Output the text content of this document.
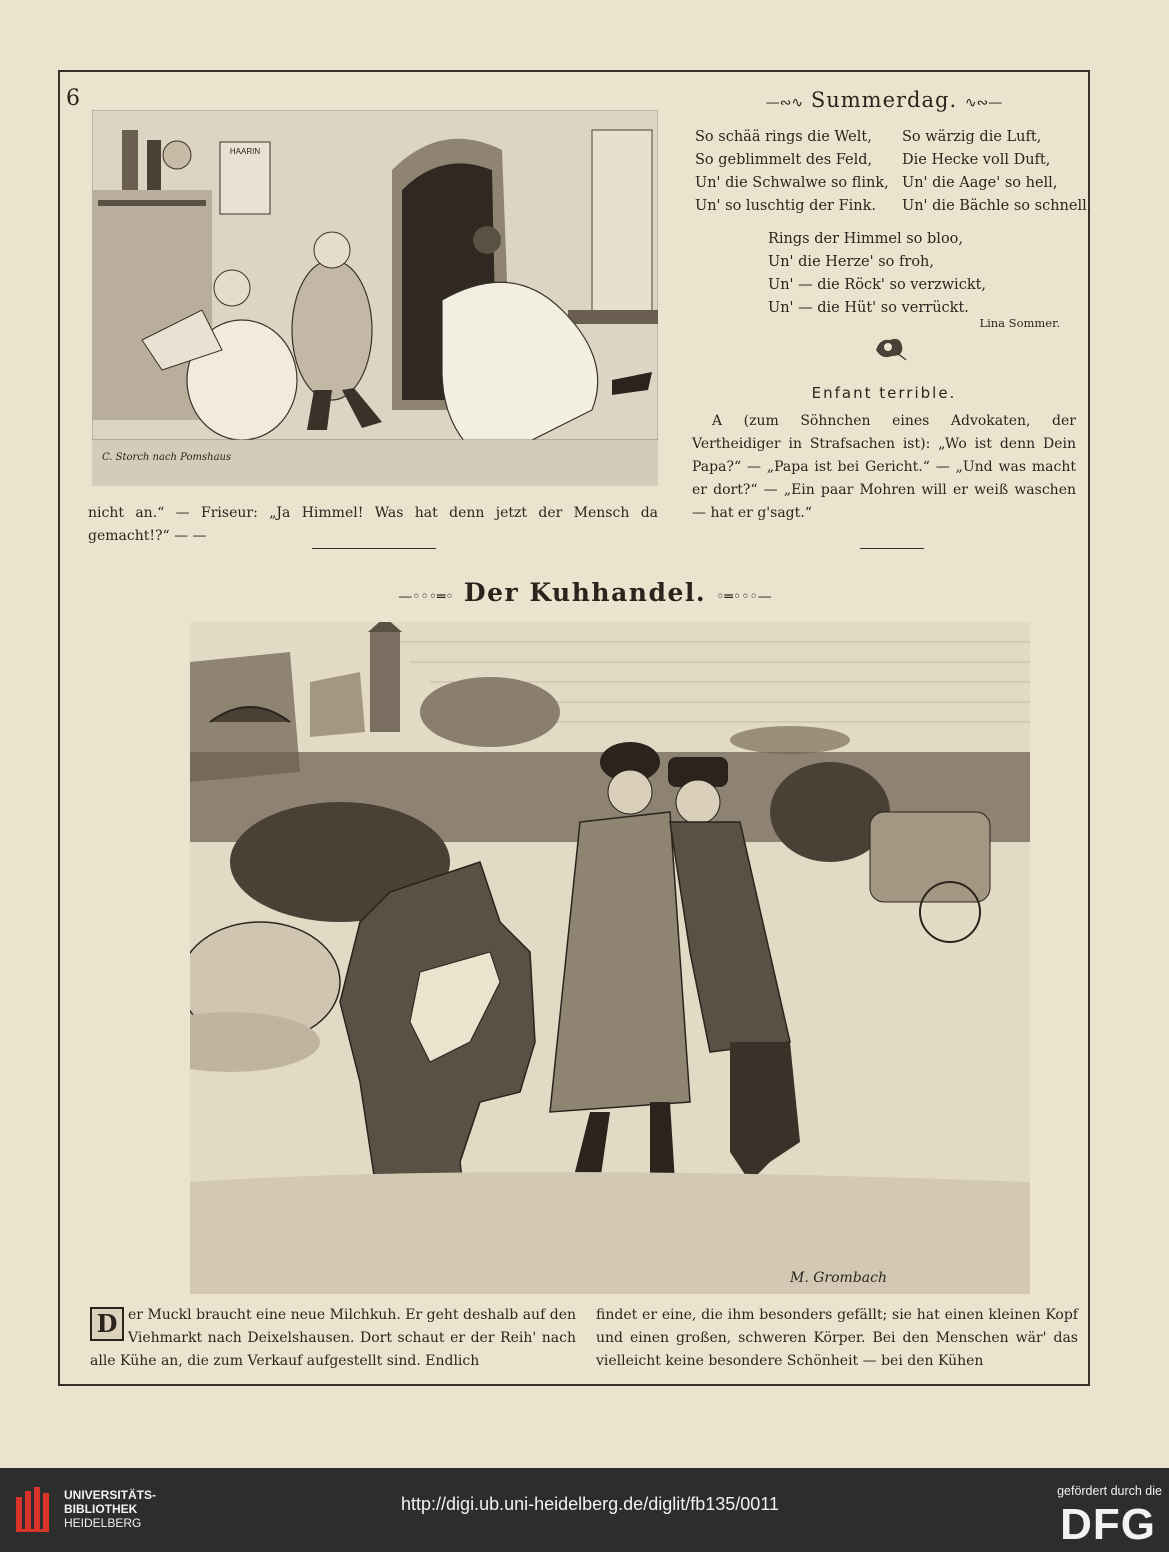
6
HAARIN
C. Storch nach Pomshaus
—∾∿ Summerdag. ∿∾—
So schää rings die Welt, So wärzig die Luft,
So geblimmelt des Feld, Die Hecke voll Duft,
Un' die Schwalwe so flink, Un' die Aage' so hell,
Un' so luschtig der Fink. Un' die Bächle so schnell.
Rings der Himmel so bloo,
Un' die Herze' so froh,
Un' — die Röck' so verzwickt,
Un' — die Hüt' so verrückt.
Lina Sommer.
Enfant terrible.
A (zum Söhnchen eines Advokaten, der Vertheidiger in Strafsachen ist): „Wo ist denn Dein Papa?“ — „Papa ist bei Gericht.“ — „Und was macht er dort?“ — „Ein paar Mohren will er weiß waschen — hat er g'sagt.“
nicht an.“ — Friseur: „Ja Himmel! Was hat denn jetzt der Mensch da gemacht!?“ — —
—◦◦◦═◦ Der Kuhhandel. ◦═◦◦◦—
M. Grombach
D er Muckl braucht eine neue Milchkuh. Er geht deshalb auf den Viehmarkt nach Deixelshausen. Dort schaut er der Reih' nach alle Kühe an, die zum Verkauf aufgestellt sind. Endlich
findet er eine, die ihm besonders gefällt; sie hat einen kleinen Kopf und einen großen, schweren Körper. Bei den Menschen wär' das vielleicht keine besondere Schönheit — bei den Kühen
UNIVERSITÄTS-
BIBLIOTHEK
HEIDELBERG
http://digi.ub.uni-heidelberg.de/diglit/fb135/0011
gefördert durch die
DFG
